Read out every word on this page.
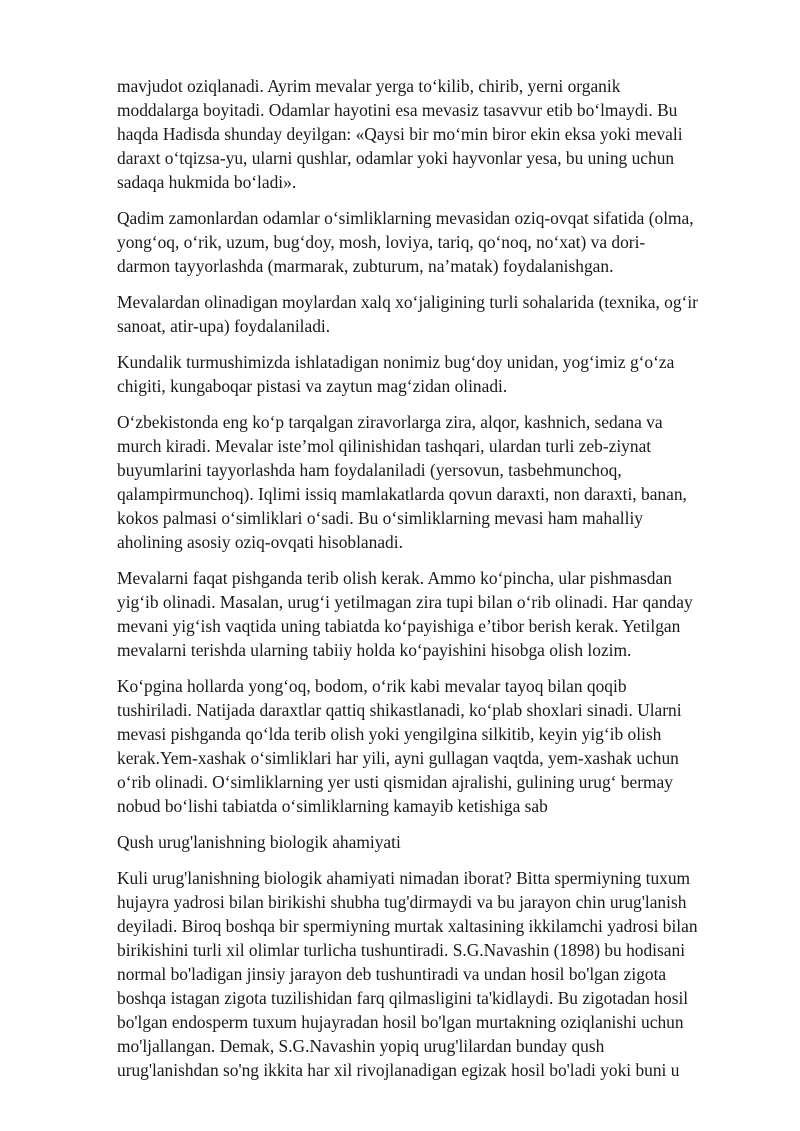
mavjudot oziqlanadi. Ayrim mevalar yerga to‘kilib, chirib, yerni organik
moddalarga boyitadi. Odamlar hayotini esa mevasiz tasavvur etib bo‘lmaydi. Bu
haqda Hadisda shunday deyilgan: «Qaysi bir mo‘min biror ekin eksa yoki mevali
daraxt o‘tqizsa-yu, ularni qushlar, odamlar yoki hayvonlar yesa, bu uning uchun
sadaqa hukmida bo‘ladi».

Qadim zamonlardan odamlar o‘simliklarning mevasidan oziq-ovqat sifatida (olma,
yong‘oq, o‘rik, uzum, bug‘doy, mosh, loviya, tariq, qo‘noq, no‘xat) va dori-
darmon tayyorlashda (marmarak, zubturum, na’matak) foydalanishgan.

Mevalardan olinadigan moylardan xalq xo‘jaligining turli sohalarida (texnika, og‘ir
sanoat, atir-upa) foydalaniladi.

Kundalik turmushimizda ishlatadigan nonimiz bug‘doy unidan, yog‘imiz g‘o‘za
chigiti, kungaboqar pistasi va zaytun mag‘zidan olinadi.

O‘zbekistonda eng ko‘p tarqalgan ziravorlarga zira, alqor, kashnich, sedana va
murch kiradi. Mevalar iste’mol qilinishidan tashqari, ulardan turli zeb-ziynat
buyumlarini tayyorlashda ham foydalaniladi (yersovun, tasbehmunchoq,
qalampirmunchoq). Iqlimi issiq mamlakatlarda qovun daraxti, non daraxti, banan,
kokos palmasi o‘simliklari o‘sadi. Bu o‘simliklarning mevasi ham mahalliy
aholining asosiy oziq-ovqati hisoblanadi.

Mevalarni faqat pishganda terib olish kerak. Ammo ko‘pincha, ular pishmasdan
yig‘ib olinadi. Masalan, urug‘i yetilmagan zira tupi bilan o‘rib olinadi. Har qanday
mevani yig‘ish vaqtida uning tabiatda ko‘payishiga e’tibor berish kerak. Yetilgan
mevalarni terishda ularning tabiiy holda ko‘payishini hisobga olish lozim.

Ko‘pgina hollarda yong‘oq, bodom, o‘rik kabi mevalar tayoq bilan qoqib
tushiriladi. Natijada daraxtlar qattiq shikastlanadi, ko‘plab shoxlari sinadi. Ularni
mevasi pishganda qo‘lda terib olish yoki yengilgina silkitib, keyin yig‘ib olish
kerak.Yem-xashak o‘simliklari har yili, ayni gullagan vaqtda, yem-xashak uchun
o‘rib olinadi. O‘simliklarning yer usti qismidan ajralishi, gulining urug‘ bermay
nobud bo‘lishi tabiatda o‘simliklarning kamayib ketishiga sab

Qush urug'lanishning biologik ahamiyati

Kuli urug'lanishning biologik ahamiyati nimadan iborat? Bitta spermiyning tuxum
hujayra yadrosi bilan birikishi shubha tug'dirmaydi va bu jarayon chin urug'lanish
deyiladi. Biroq boshqa bir spermiyning murtak xaltasining ikkilamchi yadrosi bilan
birikishini turli xil olimlar turlicha tushuntiradi. S.G.Navashin (1898) bu hodisani
normal bo'ladigan jinsiy jarayon deb tushuntiradi va undan hosil bo'lgan zigota
boshqa istagan zigota tuzilishidan farq qilmasligini ta'kidlaydi. Bu zigotadan hosil
bo'lgan endosperm tuxum hujayradan hosil bo'lgan murtakning oziqlanishi uchun
mo'ljallangan. Demak, S.G.Navashin yopiq urug'lilardan bunday qush
urug'lanishdan so'ng ikkita har xil rivojlanadigan egizak hosil bo'ladi yoki buni u
